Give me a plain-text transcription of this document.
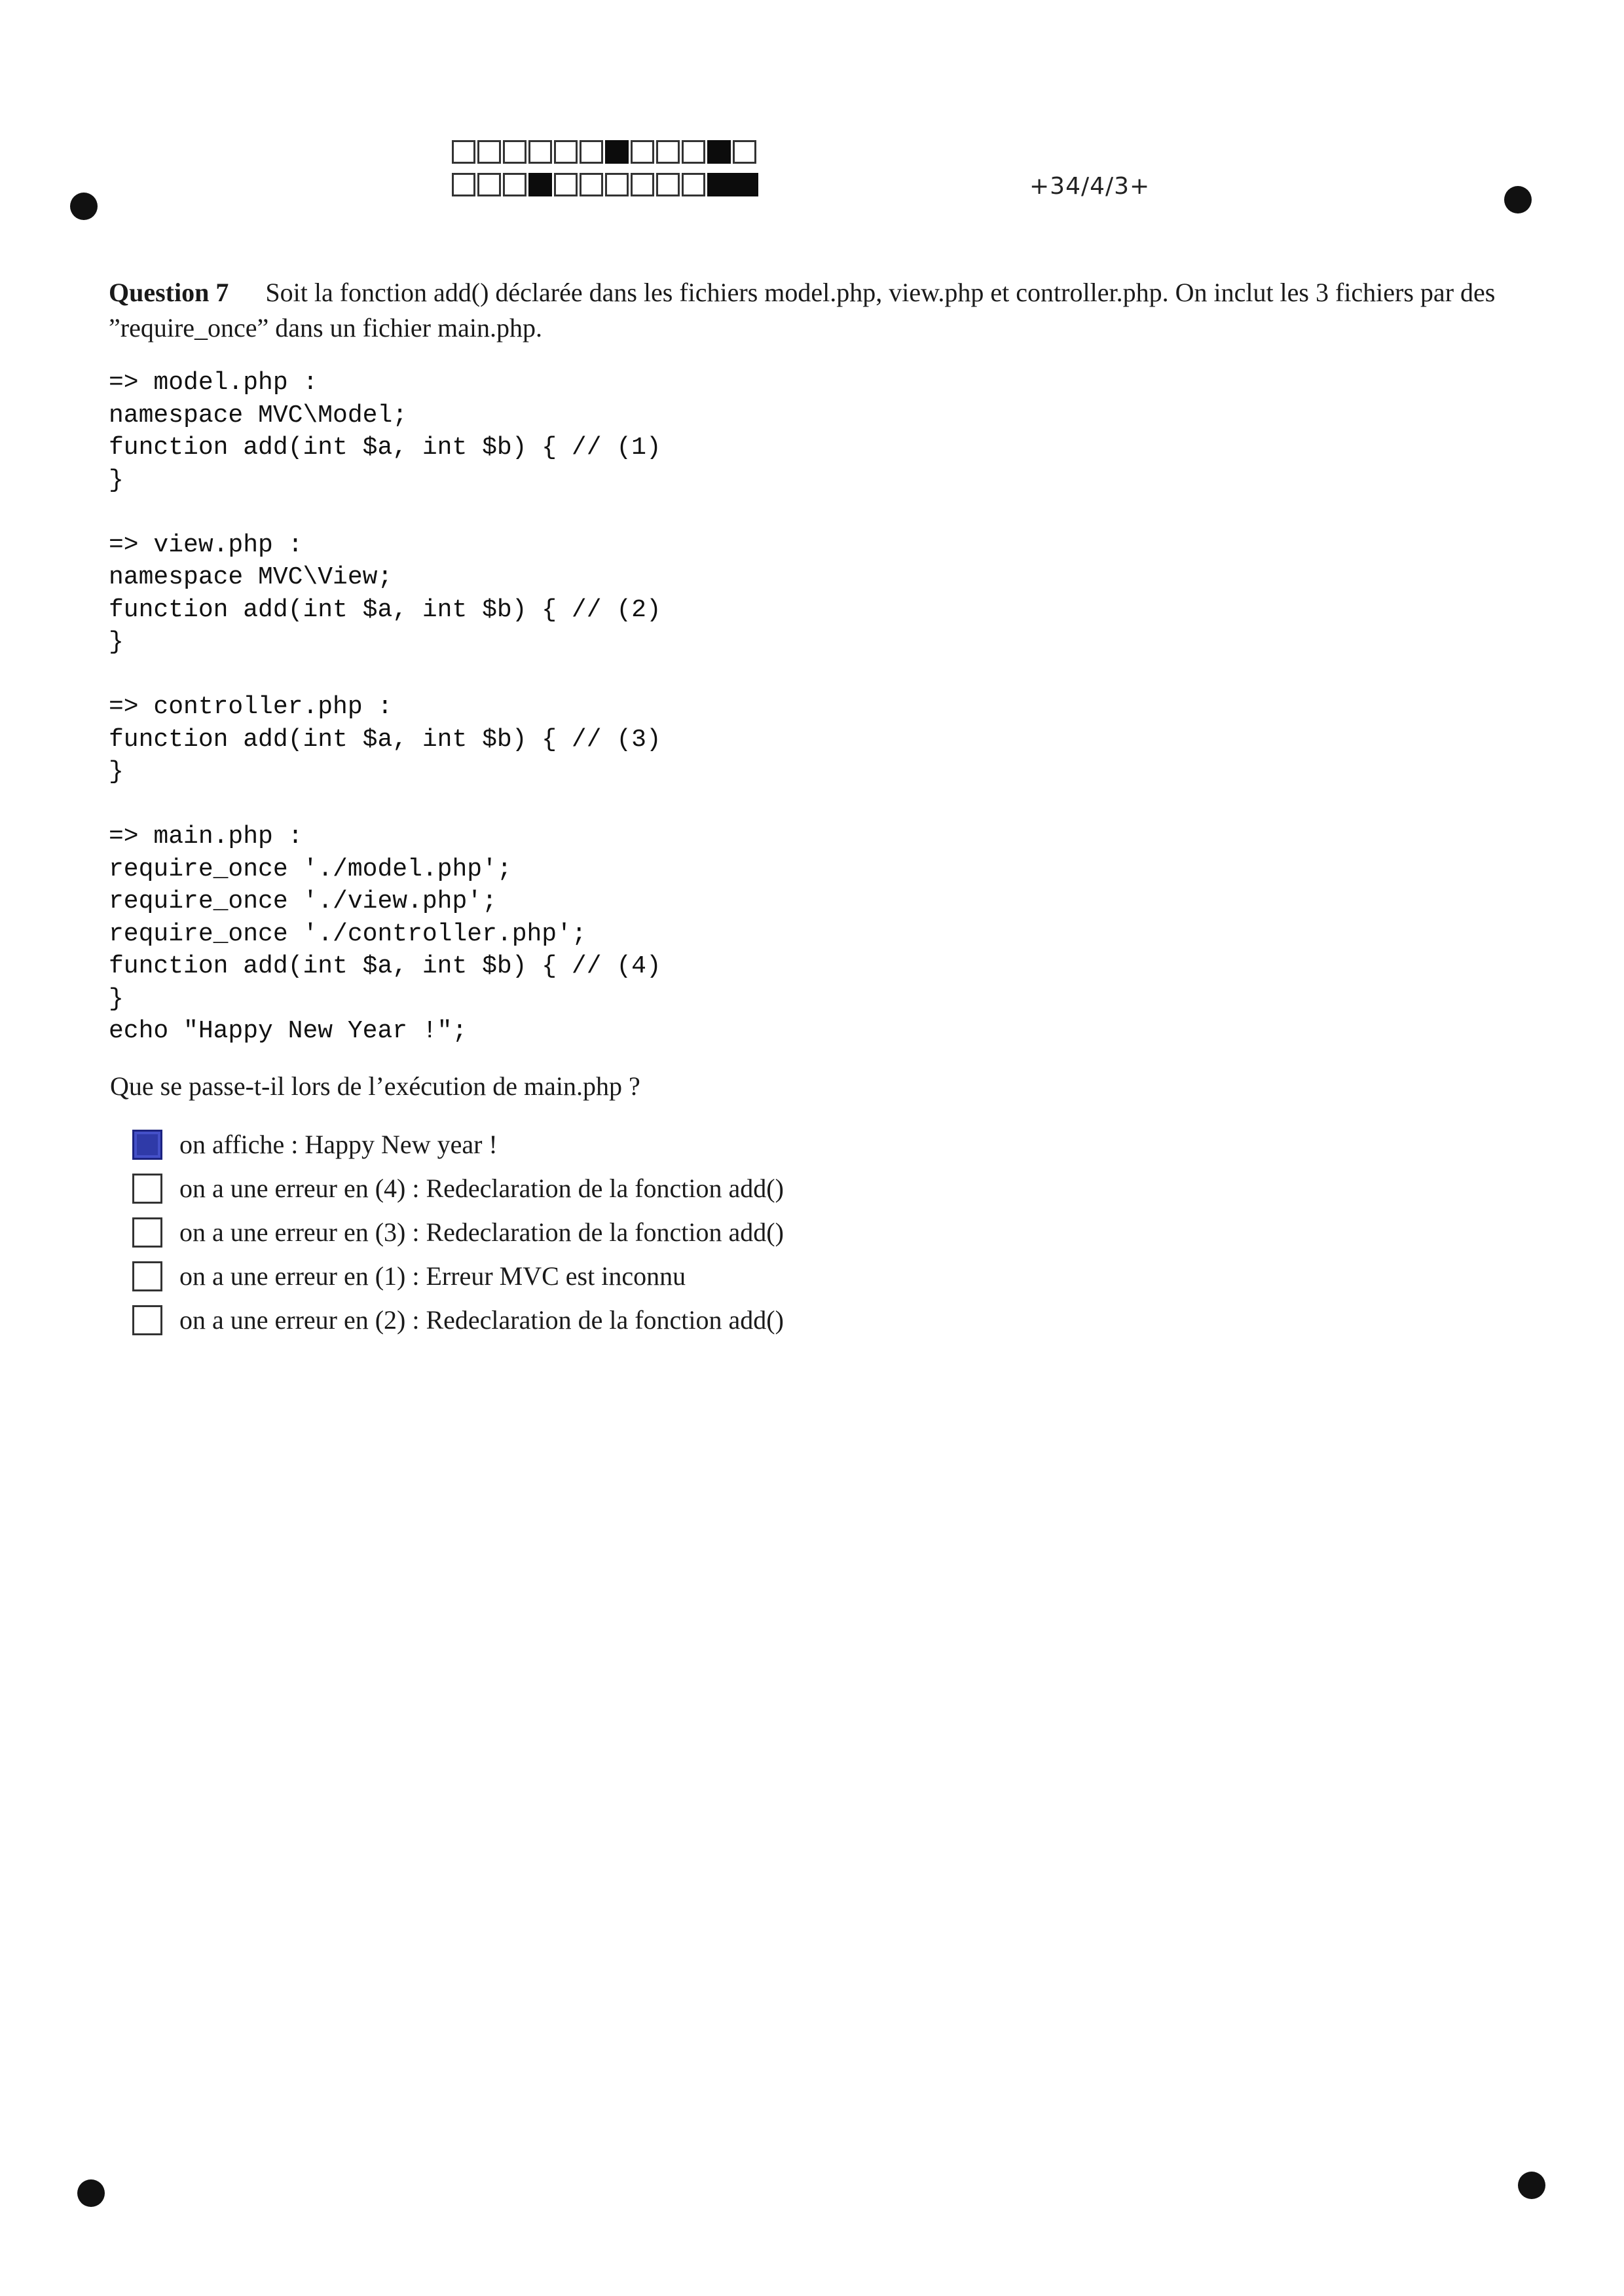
+34/4/3+
Question 7 Soit la fonction add() déclarée dans les fichiers model.php, view.php et controller.php. On inclut les 3 fichiers par des ”require_once” dans un fichier main.php.
=> model.php :
namespace MVC\Model;
function add(int $a, int $b) { // (1)
}
=> view.php :
namespace MVC\View;
function add(int $a, int $b) { // (2)
}
=> controller.php :
function add(int $a, int $b) { // (3)
}
=> main.php :
require_once './model.php';
require_once './view.php';
require_once './controller.php';
function add(int $a, int $b) { // (4)
}
echo "Happy New Year !";
Que se passe-t-il lors de l’exécution de main.php ?
on affiche : Happy New year !
on a une erreur en (4) : Redeclaration de la fonction add()
on a une erreur en (3) : Redeclaration de la fonction add()
on a une erreur en (1) : Erreur MVC est inconnu
on a une erreur en (2) : Redeclaration de la fonction add()
